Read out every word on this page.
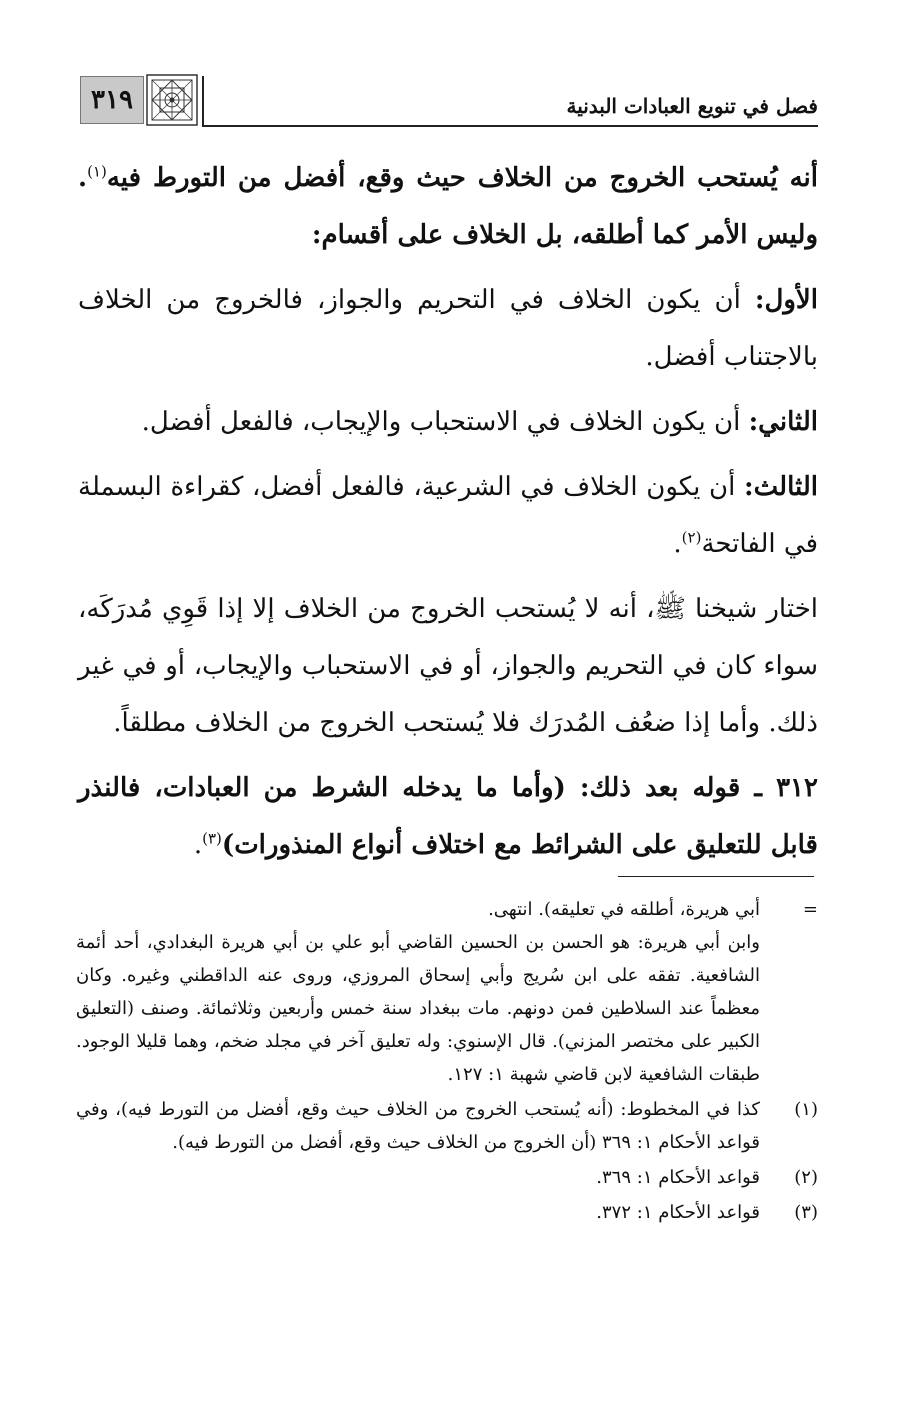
٣١٩	فصل في تنويع العبادات البدنية

أنه يُستحب الخروج من الخلاف حيث وقع، أفضل من التورط فيه$^{(١)}$. وليس الأمر كما أطلقه، بل الخلاف على أقسام:

الأول: أن يكون الخلاف في التحريم والجواز، فالخروج من الخلاف بالاجتناب أفضل.

الثاني: أن يكون الخلاف في الاستحباب والإيجاب، فالفعل أفضل.

الثالث: أن يكون الخلاف في الشرعية، فالفعل أفضل، كقراءة البسملة في الفاتحة$^{(٢)}$.

اختار شيخنا ﷺ، أنه لا يُستحب الخروج من الخلاف إلا إذا قَوِي مُدرَكَه، سواء كان في التحريم والجواز، أو في الاستحباب والإيجاب، أو في غير ذلك. وأما إذا ضعُف المُدرَك فلا يُستحب الخروج من الخلاف مطلقاً.

٣١٢ ـ قوله بعد ذلك: (وأما ما يدخله الشرط من العبادات، فالنذر قابل للتعليق على الشرائط مع اختلاف أنواع المنذورات)$^{(٣)}$.

=

أبي هريرة، أطلقه في تعليقه). انتهى.

وابن أبي هريرة: هو الحسن بن الحسين القاضي أبو علي بن أبي هريرة البغدادي، أحد أئمة الشافعية. تفقه على ابن سُريج وأبي إسحاق المروزي، وروى عنه الداقطني وغيره. وكان معظماً عند السلاطين فمن دونهم. مات ببغداد سنة خمس وأربعين وثلاثمائة. وصنف (التعليق الكبير على مختصر المزني). قال الإسنوي: وله تعليق آخر في مجلد ضخم، وهما قليلا الوجود. طبقات الشافعية لابن قاضي شهبة ١: ١٢٧.

(١)
كذا في المخطوط: (أنه يُستحب الخروج من الخلاف حيث وقع، أفضل من التورط فيه)، وفي قواعد الأحكام ١: ٣٦٩ (أن الخروج من الخلاف حيث وقع، أفضل من التورط فيه).
(٢)
قواعد الأحكام ١: ٣٦٩.
(٣)
قواعد الأحكام ١: ٣٧٢.
